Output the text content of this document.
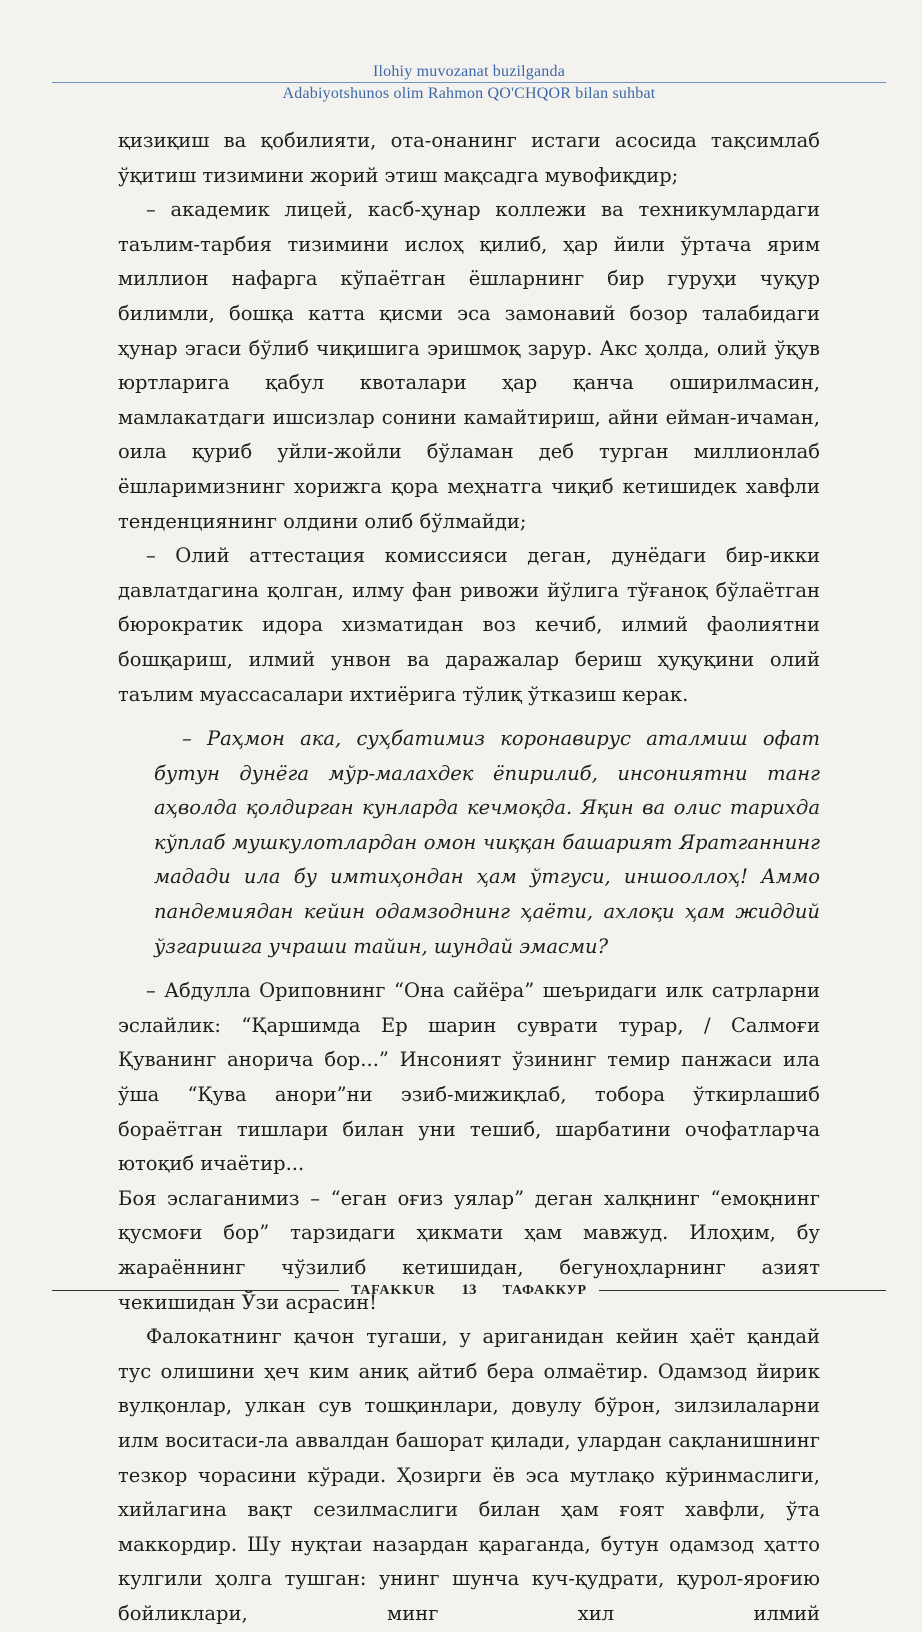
Ilohiy muvozanat buzilganda
Adabiyotshunos olim Rahmon QO'CHQOR bilan suhbat

қизиқиш ва қобилияти, ота-онанинг истаги асосида тақсимлаб ўқитиш тизимини жорий этиш мақсадга мувофиқдир;

– академик лицей, касб-ҳунар коллежи ва техникумлардаги таълим-тарбия тизимини ислоҳ қилиб, ҳар йили ўртача ярим миллион нафарга кўпаётган ёшларнинг бир гуруҳи чуқур билимли, бошқа катта қисми эса замонавий бозор талабидаги ҳунар эгаси бўлиб чиқишига эришмоқ зарур. Акс ҳолда, олий ўқув юртларига қабул квоталари ҳар қанча оширилмасин, мамлакатдаги ишсизлар сонини камайтириш, айни ейман-ичаман, оила қуриб уйли-жойли бўламан деб турган миллионлаб ёшларимизнинг хорижга қора меҳнатга чиқиб кетишидек хавфли тенденциянинг олдини олиб бўлмайди;

– Олий аттестация комиссияси деган, дунёдаги бир-икки давлатдагина қолган, илму фан ривожи йўлига тўғаноқ бўлаётган бюрократик идора хизматидан воз кечиб, илмий фаолиятни бошқариш, илмий унвон ва даражалар бериш ҳуқуқини олий таълим муассасалари ихтиёрига тўлиқ ўтказиш керак.

– Раҳмон ака, суҳбатимиз коронавирус аталмиш офат бутун дунёга мўр-малахдек ёпирилиб, инсониятни танг аҳволда қолдирган кунларда кечмоқда. Яқин ва олис тарихда кўплаб мушкулотлардан омон чиққан башарият Яратганнинг мадади ила бу имтиҳондан ҳам ўтгуси, иншооллоҳ! Аммо пандемиядан кейин одамзоднинг ҳаёти, ахлоқи ҳам жиддий ўзгаришга учраши тайин, шундай эмасми?

– Абдулла Ориповнинг “Она сайёра” шеъридаги илк сатрларни эслайлик: “Қаршимда Ер шарин суврати турар, / Салмоғи Қуванинг анорича бор...” Инсоният ўзининг темир панжаси ила ўша “Қува анори”ни эзиб-мижиқлаб, тобора ўткирлашиб бораётган тишлари билан уни тешиб, шарбатини очофатларча ютоқиб ичаётир...

Боя эслаганимиз – “еган оғиз уялар” деган халқнинг “емоқнинг қусмоғи бор” тарзидаги ҳикмати ҳам мавжуд. Илоҳим, бу жараённинг чўзилиб кетишидан, бегуноҳларнинг азият чекишидан Ўзи асрасин!

Фалокатнинг қачон тугаши, у ариганидан кейин ҳаёт қандай тус олишини ҳеч ким аниқ айтиб бера олмаётир. Одамзод йирик вулқонлар, улкан сув тошқинлари, довулу бўрон, зилзилаларни илм воситаси-ла аввалдан башорат қилади, улардан сақланишнинг тезкор чорасини кўради. Ҳозирги ёв эса мутлақо кўринмаслиги, хийлагина вақт сезилмаслиги билан ҳам ғоят хавфли, ўта маккордир. Шу нуқтаи назардан қараганда, бутун одамзод ҳатто кулгили ҳолга тушган: унинг шунча куч-қудрати, қурол-яроғию бойликлари, минг хил илмий

TAFAKKUR	13	ТАФАККУР
